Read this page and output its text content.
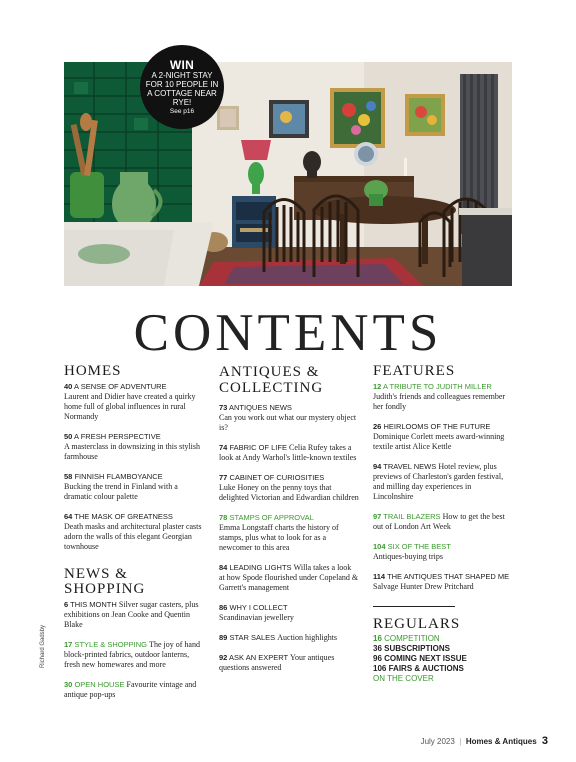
WIN
A 2-NIGHT STAY FOR 10 PEOPLE IN A COTTAGE NEAR RYE!
See p16
CONTENTS
HOMES
40 A SENSE OF ADVENTURE
Laurent and Didier have created a quirky home full of global influences in rural Normandy
50 A FRESH PERSPECTIVE
A masterclass in downsizing in this stylish farmhouse
58 FINNISH FLAMBOYANCE
Bucking the trend in Finland with a dramatic colour palette
64 THE MASK OF GREATNESS
Death masks and architectural plaster casts adorn the walls of this elegant Georgian townhouse
NEWS & SHOPPING
6 THIS MONTH Silver sugar casters, plus exhibitions on Jean Cooke and Quentin Blake
17 STYLE & SHOPPING The joy of hand block-printed fabrics, outdoor lanterns, fresh new homewares and more
30 OPEN HOUSE Favourite vintage and antique pop-ups
ANTIQUES & COLLECTING
73 ANTIQUES NEWS
Can you work out what our mystery object is?
74 FABRIC OF LIFE Celia Rufey takes a look at Andy Warhol's little-known textiles
77 CABINET OF CURIOSITIES
Luke Honey on the penny toys that delighted Victorian and Edwardian children
78 STAMPS OF APPROVAL
Emma Longstaff charts the history of stamps, plus what to look for as a newcomer to this area
84 LEADING LIGHTS Willa takes a look at how Spode flourished under Copeland & Garrett's management
86 WHY I COLLECT
Scandinavian jewellery
89 STAR SALES Auction highlights
92 ASK AN EXPERT Your antiques questions answered
FEATURES
12 A TRIBUTE TO JUDITH MILLER
Judith's friends and colleagues remember her fondly
26 HEIRLOOMS OF THE FUTURE
Dominique Corlett meets award-winning textile artist Alice Kettle
94 TRAVEL NEWS Hotel review, plus previews of Charleston's garden festival, and milling day experiences in Lincolnshire
97 TRAIL BLAZERS How to get the best out of London Art Week
104 SIX OF THE BEST
Antiques-buying trips
114 THE ANTIQUES THAT SHAPED ME Salvage Hunter Drew Pritchard
REGULARS
16 COMPETITION
36 SUBSCRIPTIONS
96 COMING NEXT ISSUE
106 FAIRS & AUCTIONS
ON THE COVER
Richard Gadsby
July 2023  |  Homes & Antiques 3
